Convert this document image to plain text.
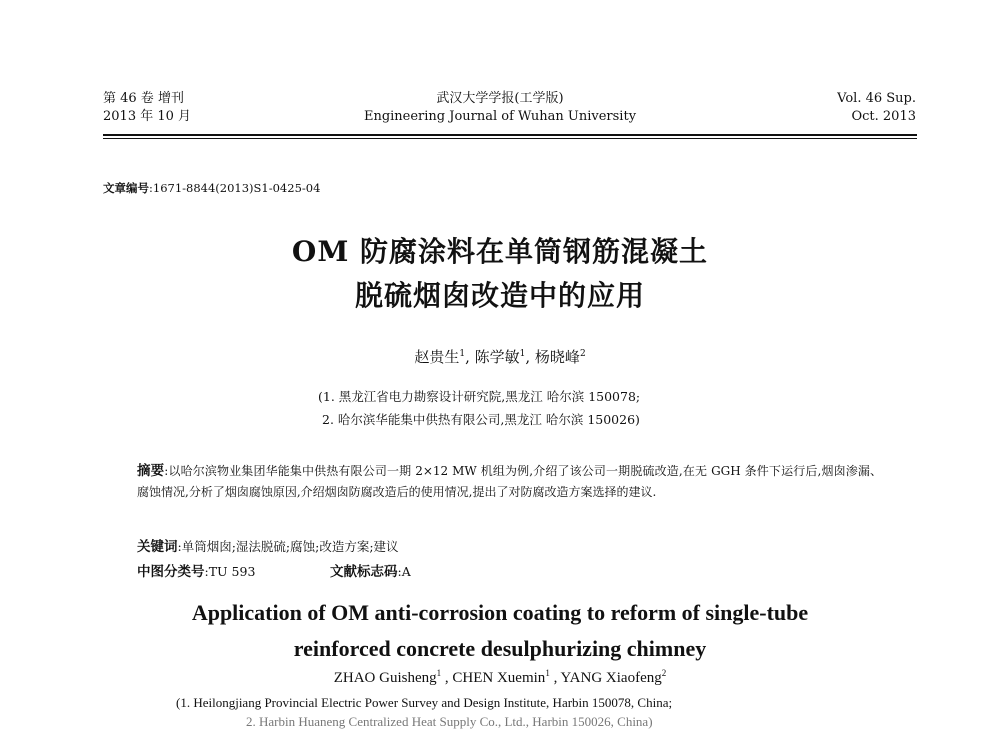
第 46 卷 增刊
2013 年 10 月
武汉大学学报(工学版)
Engineering Journal of Wuhan University
Vol. 46 Sup.
Oct. 2013
文章编号:1671-8844(2013)S1-0425-04
OM 防腐涂料在单筒钢筋混凝土
脱硫烟囱改造中的应用
赵贵生$^1$, 陈学敏$^1$, 杨晓峰$^2$
(1. 黑龙江省电力勘察设计研究院,黑龙江 哈尔滨 150078;
2. 哈尔滨华能集中供热有限公司,黑龙江 哈尔滨 150026)
摘要:以哈尔滨物业集团华能集中供热有限公司一期 2×12 MW 机组为例,介绍了该公司一期脱硫改造,在无 GGH 条件下运行后,烟囱渗漏、腐蚀情况,分析了烟囱腐蚀原因,介绍烟囱防腐改造后的使用情况,提出了对防腐改造方案选择的建议.
关键词:单筒烟囱;湿法脱硫;腐蚀;改造方案;建议
中图分类号:TU 593	文献标志码:A
Application of OM anti-corrosion coating to reform of single-tube
reinforced concrete desulphurizing chimney
ZHAO Guisheng$^1$ , CHEN Xuemin$^1$ , YANG Xiaofeng$^2$
(1. Heilongjiang Provincial Electric Power Survey and Design Institute, Harbin 150078, China;
2. Harbin Huaneng Centralized Heat Supply Co., Ltd., Harbin 150026, China)
